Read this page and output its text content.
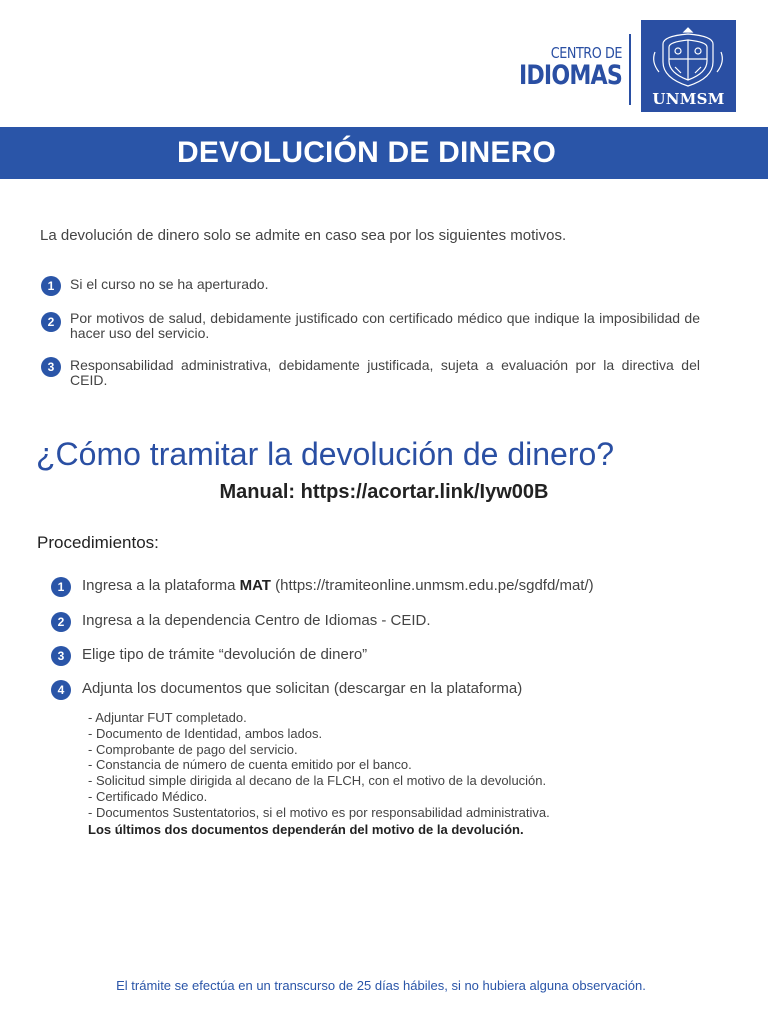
CENTRO DE
IDIOMAS
UNMSM
DEVOLUCIÓN DE DINERO
La devolución de dinero solo se admite en caso sea por los siguientes motivos.
1	Si el curso no se ha aperturado.
2	Por motivos de salud, debidamente justificado con certificado médico que indique la imposibilidad de hacer uso del servicio.
3	Responsabilidad administrativa, debidamente justificada, sujeta a evaluación por la directiva del CEID.
¿Cómo tramitar la devolución de dinero?
Manual: https://acortar.link/Iyw00B
Procedimientos:
1	Ingresa a la plataforma MAT (https://tramiteonline.unmsm.edu.pe/sgdfd/mat/)
2	Ingresa a la dependencia Centro de Idiomas - CEID.
3	Elige tipo de trámite “devolución de dinero”
4	Adjunta los documentos que solicitan (descargar en la plataforma)
- Adjuntar FUT completado.
- Documento de Identidad, ambos lados.
- Comprobante de pago del servicio.
- Constancia de número de cuenta emitido por el banco.
- Solicitud simple dirigida al decano de la FLCH, con el motivo de la devolución.
- Certificado Médico.
- Documentos Sustentatorios, si el motivo es por responsabilidad administrativa.
Los últimos dos documentos dependerán del motivo de la devolución.
El trámite se efectúa en un transcurso de 25 días hábiles, si no hubiera alguna observación.
